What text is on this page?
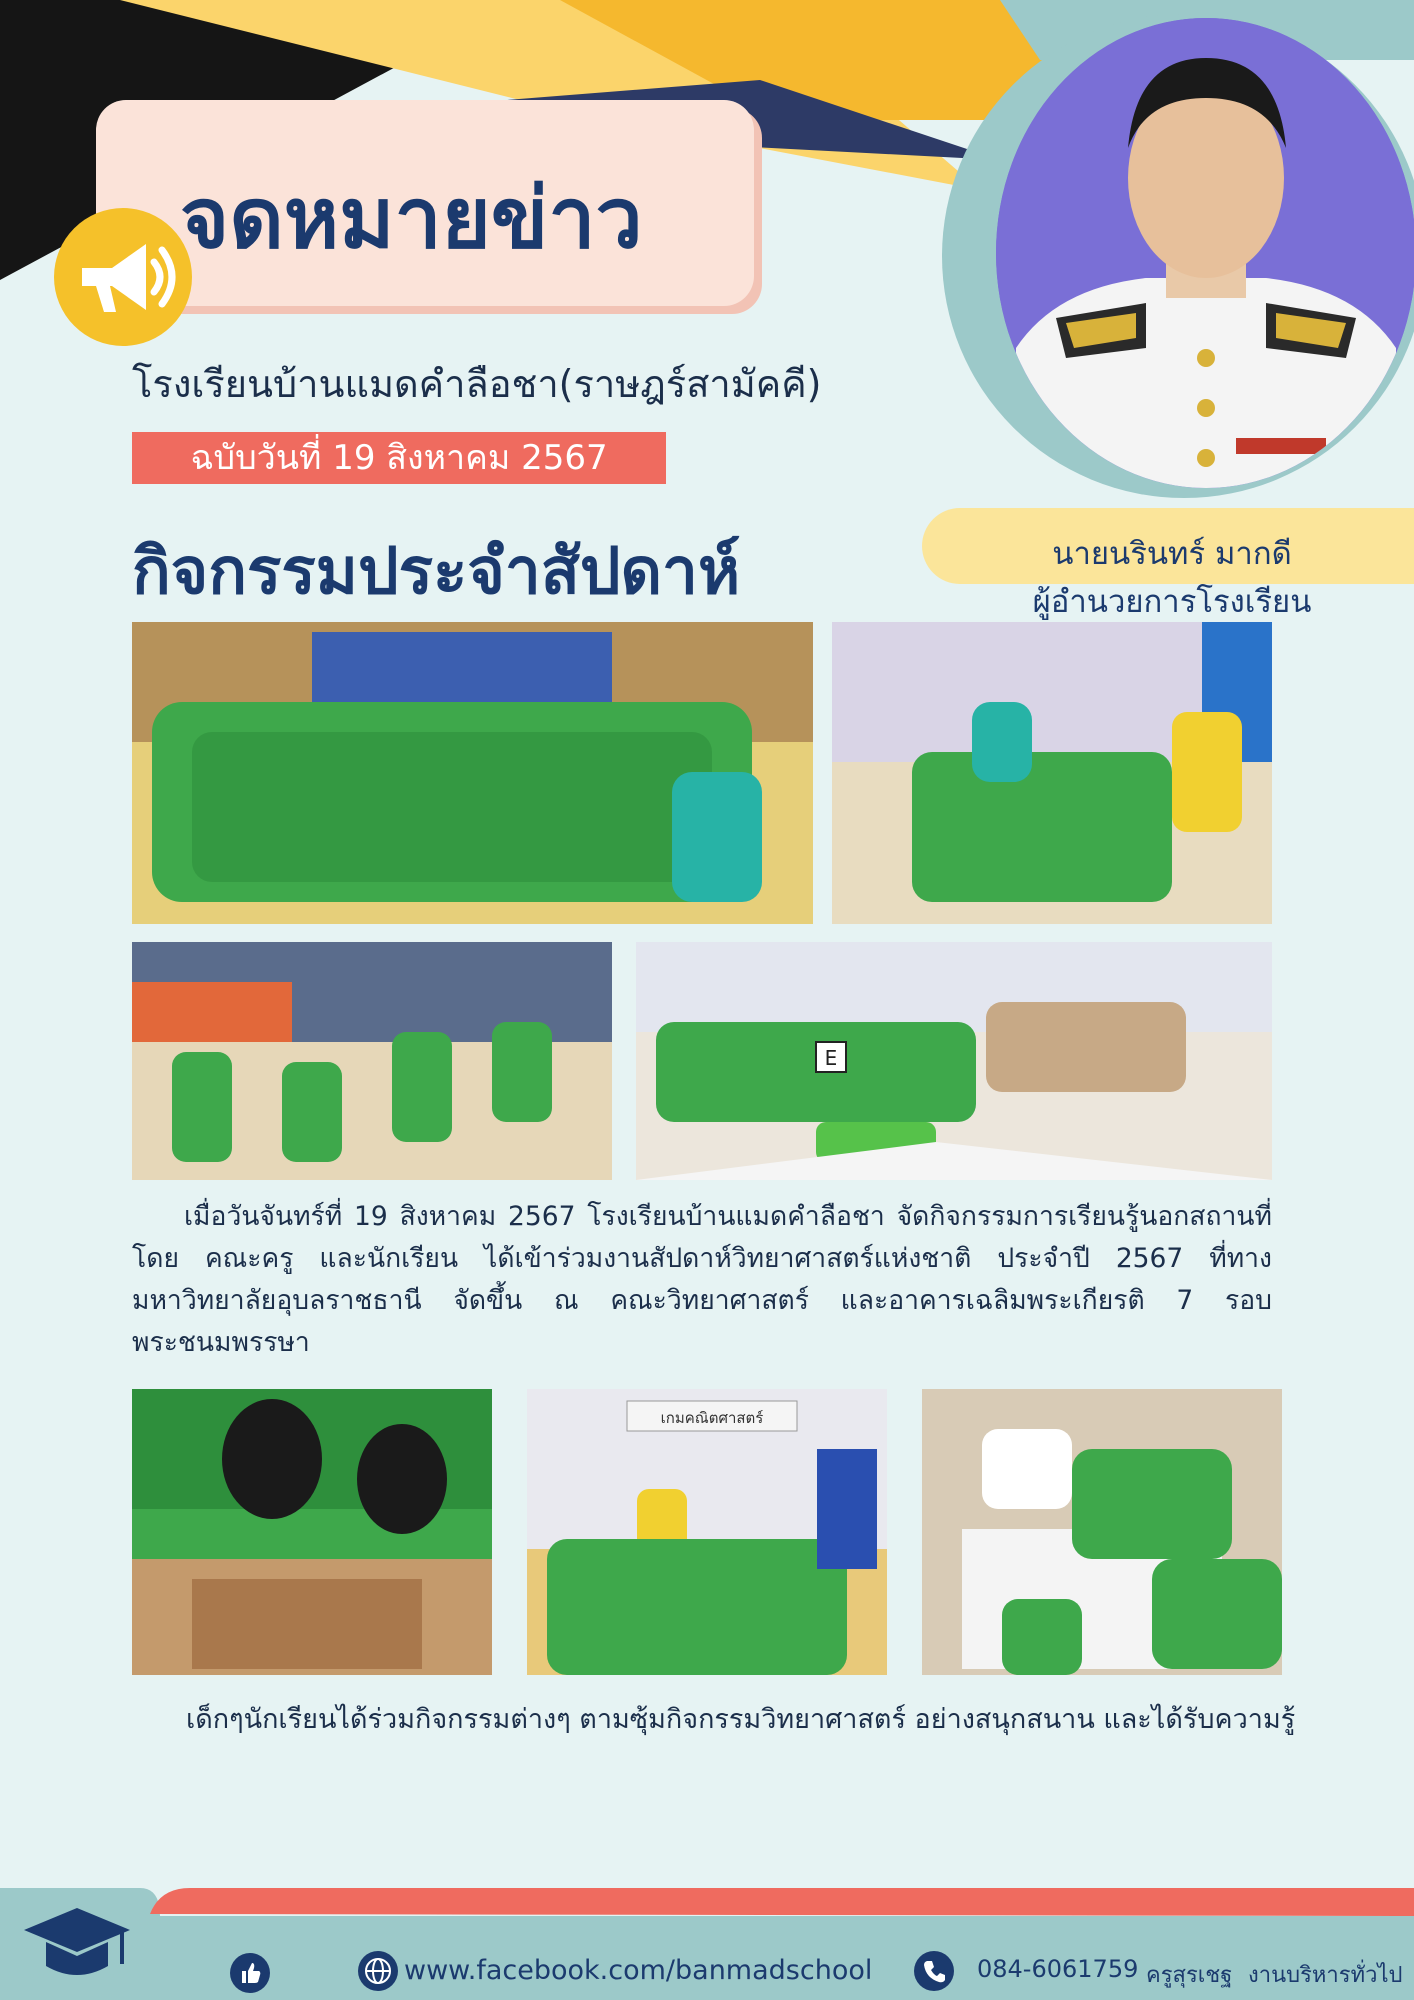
จดหมายข่าว
โรงเรียนบ้านแมดคำลือชา(ราษฎร์สามัคคี)
ฉบับวันที่ 19 สิงหาคม 2567
กิจกรรมประจำสัปดาห์	นายนรินทร์ มากดี
ผู้อำนวยการโรงเรียน
E
เมื่อวันจันทร์ที่ 19 สิงหาคม 2567 โรงเรียนบ้านแมดคำลือชา จัดกิจกรรมการเรียนรู้นอกสถานที่ โดย คณะครู และนักเรียน ได้เข้าร่วมงานสัปดาห์วิทยาศาสตร์แห่งชาติ ประจำปี 2567 ที่ทางมหาวิทยาลัยอุบลราชธานี จัดขึ้น ณ คณะวิทยาศาสตร์ และอาคารเฉลิมพระเกียรติ 7 รอบพระชนมพรรษา
เกมคณิตศาสตร์
เด็กๆนักเรียนได้ร่วมกิจกรรมต่างๆ ตามซุ้มกิจกรรมวิทยาศาสตร์ อย่างสนุกสนาน และได้รับความรู้
www.facebook.com/banmadschool	084-6061759 ครูสุรเชฐ งานบริหารทั่วไป
